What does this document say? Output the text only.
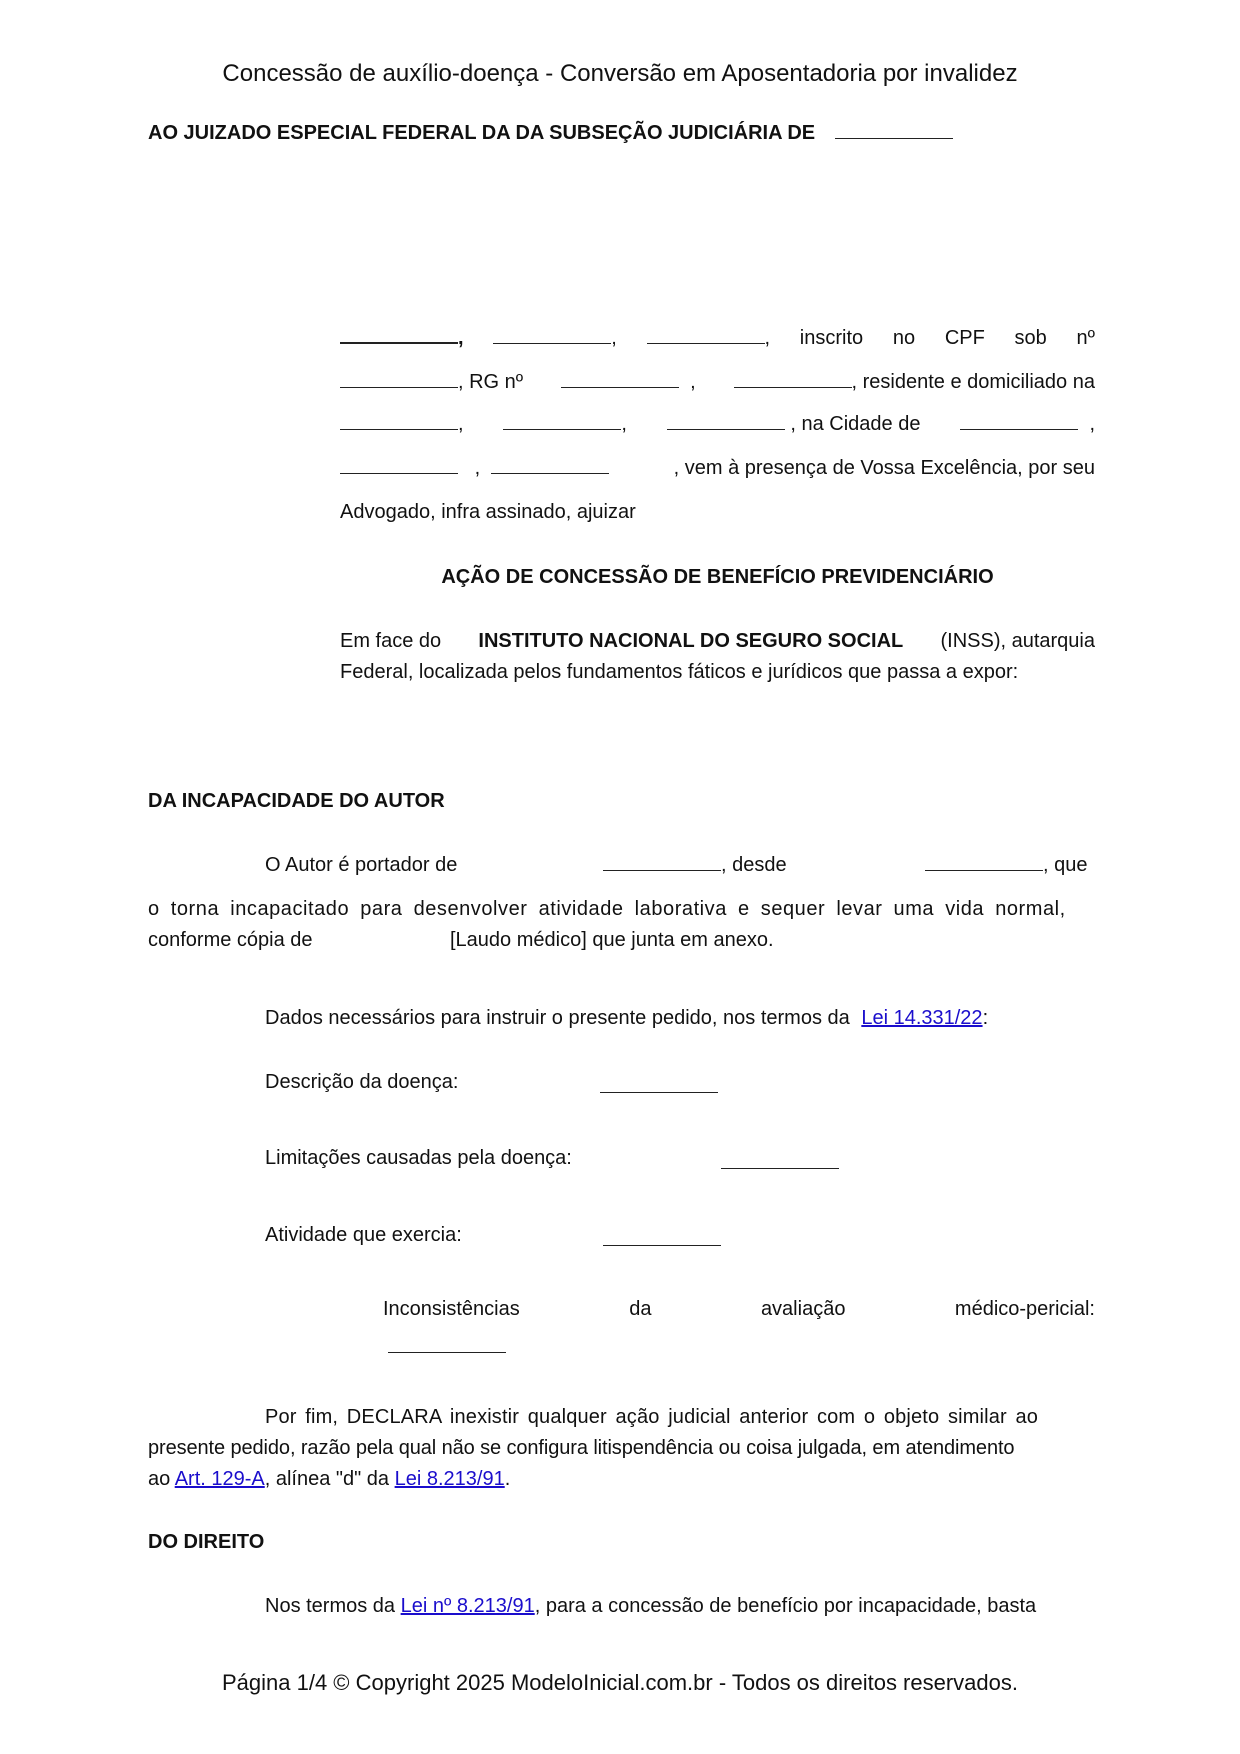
Concessão de auxílio-doença - Conversão em Aposentadoria por invalidez
AO JUIZADO ESPECIAL FEDERAL DA DA SUBSEÇÃO JUDICIÁRIA DE
,	,	, inscrito no CPF sob nº
, RG nº	,	, residente e domiciliado na
,	,	, na Cidade de	,
,	, vem à presença de Vossa Excelência, por seu
Advogado, infra assinado, ajuizar
AÇÃO DE CONCESSÃO DE BENEFÍCIO PREVIDENCIÁRIO
Em face do INSTITUTO NACIONAL DO SEGURO SOCIAL (INSS), autarquia
Federal, localizada pelos fundamentos fáticos e jurídicos que passa a expor:
DA INCAPACIDADE DO AUTOR
O Autor é portador de	, desde	, que
o torna incapacitado para desenvolver atividade laborativa e sequer levar uma vida normal,
conforme cópia de	[Laudo médico] que junta em anexo.
Dados necessários para instruir o presente pedido, nos termos da Lei 14.331/22:
Descrição da doença:
Limitações causadas pela doença:
Atividade que exercia:
Inconsistências	da	avaliação	médico-pericial:
Por fim, DECLARA inexistir qualquer ação judicial anterior com o objeto similar ao
presente pedido, razão pela qual não se configura litispendência ou coisa julgada, em atendimento
ao Art. 129-A, alínea "d" da Lei 8.213/91.
DO DIREITO
Nos termos da Lei nº 8.213/91, para a concessão de benefício por incapacidade, basta
Página 1/4 © Copyright 2025 ModeloInicial.com.br - Todos os direitos reservados.
